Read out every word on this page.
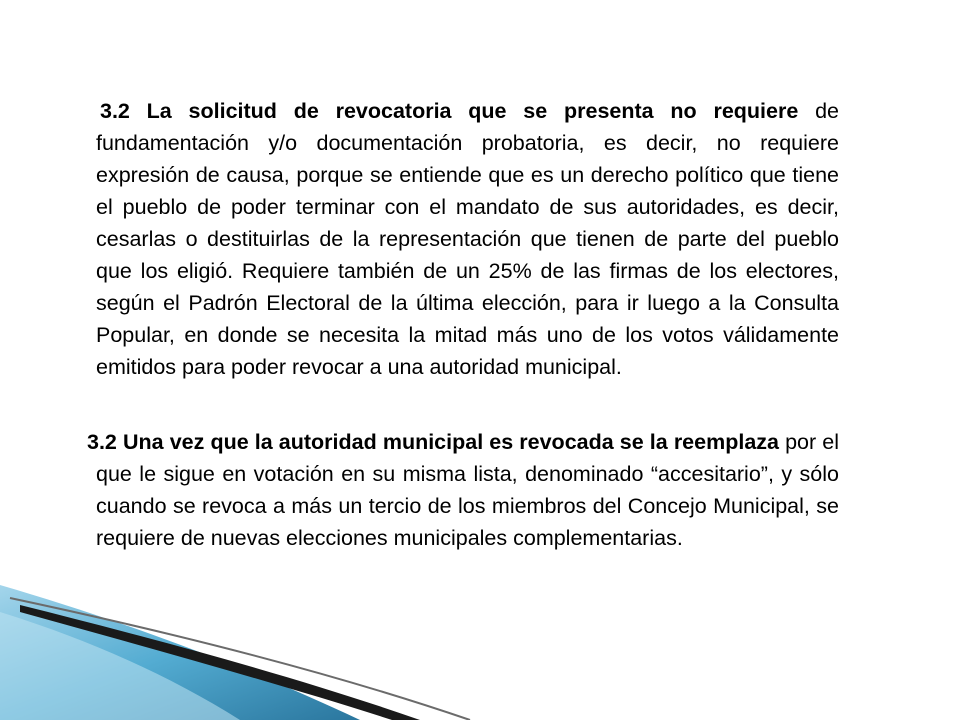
3.2 La solicitud de revocatoria que se presenta no requiere de fundamentación y/o documentación probatoria, es decir, no requiere expresión de causa, porque se entiende que es un derecho político que tiene el pueblo de poder terminar con el mandato de sus autoridades, es decir, cesarlas o destituirlas de la representación que tienen de parte del pueblo que los eligió. Requiere también de un 25% de las firmas de los electores, según el Padrón Electoral de la última elección, para ir luego a la Consulta Popular, en donde se necesita la mitad más uno de los votos válidamente emitidos para poder revocar a una autoridad municipal.
3.2 Una vez que la autoridad municipal es revocada se la reemplaza por el que le sigue en votación en su misma lista, denominado “accesitario”, y sólo cuando se revoca a más un tercio de los miembros del Concejo Municipal, se requiere de nuevas elecciones municipales complementarias.
